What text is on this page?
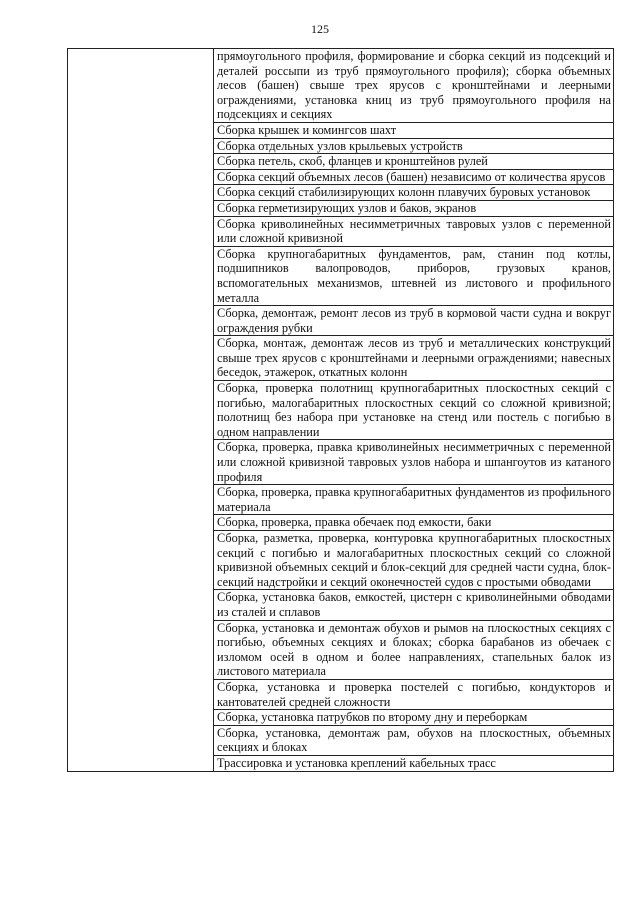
125
	прямоугольного профиля, формирование и сборка секций из подсекций и деталей россыпи из труб прямоугольного профиля); сборка объемных лесов (башен) свыше трех ярусов с кронштейнами и леерными ограждениями, установка книц из труб прямоугольного профиля на подсекциях и секциях
Сборка крышек и комингсов шахт
Сборка отдельных узлов крыльевых устройств
Сборка петель, скоб, фланцев и кронштейнов рулей
Сборка секций объемных лесов (башен) независимо от количества ярусов
Сборка секций стабилизирующих колонн плавучих буровых установок
Сборка герметизирующих узлов и баков, экранов
Сборка криволинейных несимметричных тавровых узлов с переменной или сложной кривизной
Сборка крупногабаритных фундаментов, рам, станин под котлы, подшипников валопроводов, приборов, грузовых кранов, вспомогательных механизмов, штевней из листового и профильного металла
Сборка, демонтаж, ремонт лесов из труб в кормовой части судна и вокруг ограждения рубки
Сборка, монтаж, демонтаж лесов из труб и металлических конструкций свыше трех ярусов с кронштейнами и леерными ограждениями; навесных беседок, этажерок, откатных колонн
Сборка, проверка полотнищ крупногабаритных плоскостных секций с погибью, малогабаритных плоскостных секций со сложной кривизной; полотнищ без набора при установке на стенд или постель с погибью в одном направлении
Сборка, проверка, правка криволинейных несимметричных с переменной или сложной кривизной тавровых узлов набора и шпангоутов из катаного профиля
Сборка, проверка, правка крупногабаритных фундаментов из профильного материала
Сборка, проверка, правка обечаек под емкости, баки
Сборка, разметка, проверка, контуровка крупногабаритных плоскостных секций с погибью и малогабаритных плоскостных секций со сложной кривизной объемных секций и блок-секций для средней части судна, блок-секций надстройки и секций оконечностей судов с простыми обводами
Сборка, установка баков, емкостей, цистерн с криволинейными обводами из сталей и сплавов
Сборка, установка и демонтаж обухов и рымов на плоскостных секциях с погибью, объемных секциях и блоках; сборка барабанов из обечаек с изломом осей в одном и более направлениях, стапельных балок из листового материала
Сборка, установка и проверка постелей с погибью, кондукторов и кантователей средней сложности
Сборка, установка патрубков по второму дну и переборкам
Сборка, установка, демонтаж рам, обухов на плоскостных, объемных секциях и блоках
Трассировка и установка креплений кабельных трасс
